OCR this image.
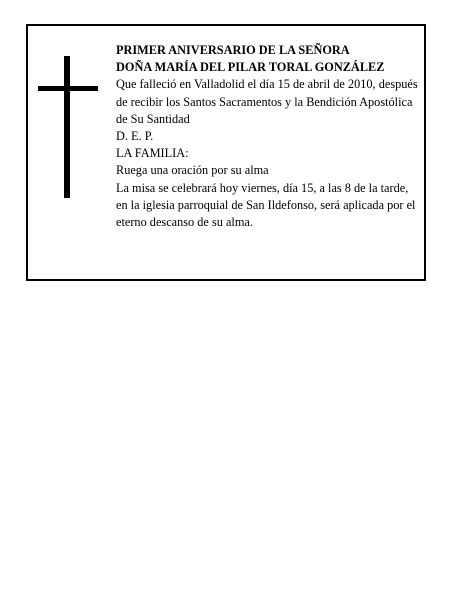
PRIMER ANIVERSARIO DE LA SEÑORA
DOÑA MARÍA DEL PILAR TORAL GONZÁLEZ
Que falleció en Valladolid el día 15 de abril de 2010, después de recibir los Santos Sacramentos y la Bendición Apostólica de Su Santidad
D. E. P.
LA FAMILIA:
Ruega una oración por su alma
La misa se celebrará hoy viernes, día 15, a las 8 de la tarde, en la iglesia parroquial de San Ildefonso, será aplicada por el eterno descanso de su alma.
